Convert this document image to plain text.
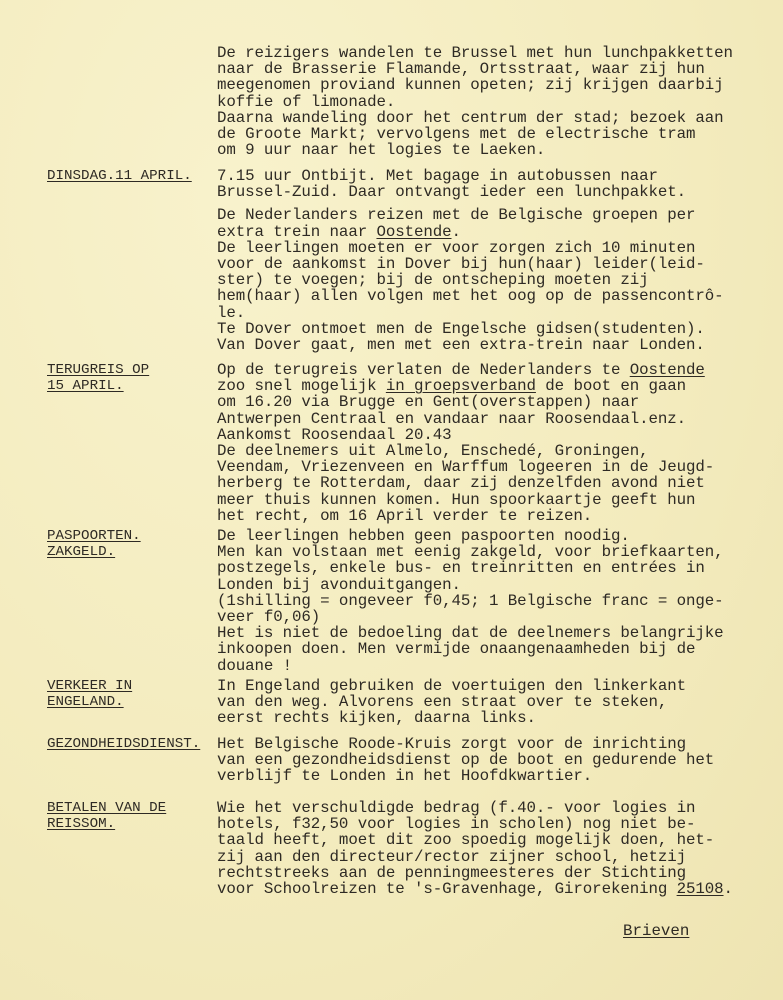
De reizigers wandelen te Brussel met hun lunchpakketten
naar de Brasserie Flamande, Ortsstraat, waar zij hun
meegenomen proviand kunnen opeten; zij krijgen daarbij
koffie of limonade.
Daarna wandeling door het centrum der stad; bezoek aan
de Groote Markt; vervolgens met de electrische tram
om 9 uur naar het logies te Laeken.
DINSDAG.11 APRIL. 7.15 uur Ontbijt. Met bagage in autobussen naar
Brussel-Zuid. Daar ontvangt ieder een lunchpakket.
De Nederlanders reizen met de Belgische groepen per
extra trein naar Oostende.
De leerlingen moeten er voor zorgen zich 10 minuten
voor de aankomst in Dover bij hun(haar) leider(leid-
ster) te voegen; bij de ontscheping moeten zij
hem(haar) allen volgen met het oog op de passencontrô-
le.
Te Dover ontmoet men de Engelsche gidsen(studenten).
Van Dover gaat, men met een extra-trein naar Londen.
TERUGREIS OP
15 APRIL.

Op de terugreis verlaten de Nederlanders te Oostende
zoo snel mogelijk in groepsverband de boot en gaan
om 16.20 via Brugge en Gent(overstappen) naar
Antwerpen Centraal en vandaar naar Roosendaal.enz.
Aankomst Roosendaal 20.43
De deelnemers uit Almelo, Enschedé, Groningen,
Veendam, Vriezenveen en Warffum logeeren in de Jeugd-
herberg te Rotterdam, daar zij denzelfden avond niet
meer thuis kunnen komen. Hun spoorkaartje geeft hun
het recht, om 16 April verder te reizen.
PASPOORTEN.
ZAKGELD.

De leerlingen hebben geen paspoorten noodig.
Men kan volstaan met eenig zakgeld, voor briefkaarten,
postzegels, enkele bus- en treinritten en entrées in
Londen bij avonduitgangen.
(1shilling = ongeveer f0,45; 1 Belgische franc = onge-
veer f0,06)
Het is niet de bedoeling dat de deelnemers belangrijke
inkoopen doen. Men vermijde onaangenaamheden bij de
douane !
VERKEER IN
ENGELAND.

In Engeland gebruiken de voertuigen den linkerkant
van den weg. Alvorens een straat over te steken,
eerst rechts kijken, daarna links.
GEZONDHEIDSDIENST. Het Belgische Roode-Kruis zorgt voor de inrichting
van een gezondheidsdienst op de boot en gedurende het
verblijf te Londen in het Hoofdkwartier.
BETALEN VAN DE
REISSOM.

Wie het verschuldigde bedrag (f.40.- voor logies in
hotels, f32,50 voor logies in scholen) nog niet be-
taald heeft, moet dit zoo spoedig mogelijk doen, het-
zij aan den directeur/rector zijner school, hetzij
rechtstreeks aan de penningmeesteres der Stichting
voor Schoolreizen te 's-Gravenhage, Girorekening 25108.
Brieven
